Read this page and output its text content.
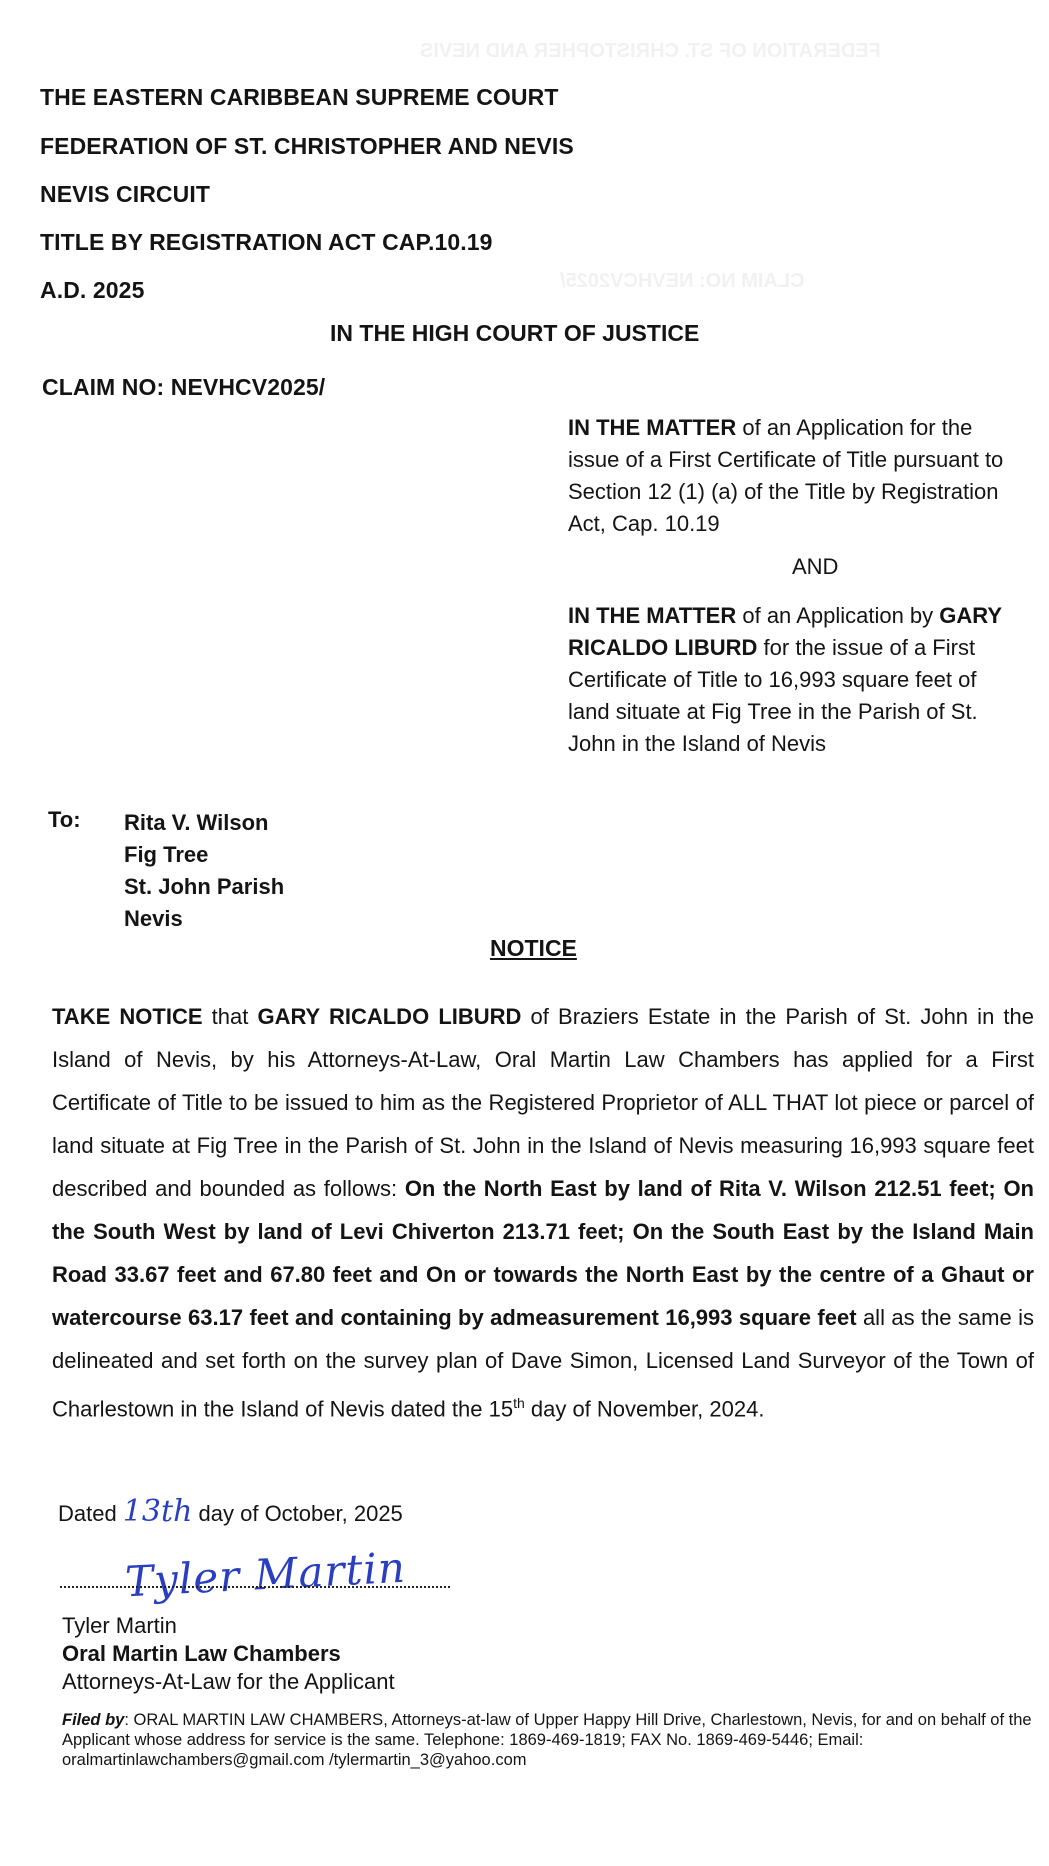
FEDERATION OF ST. CHRISTOPHER AND NEVIS
CLAIM NO: NEVHCV2025/
THE EASTERN CARIBBEAN SUPREME COURT
FEDERATION OF ST. CHRISTOPHER AND NEVIS
NEVIS CIRCUIT
TITLE BY REGISTRATION ACT CAP.10.19
A.D. 2025
IN THE HIGH COURT OF JUSTICE
CLAIM NO: NEVHCV2025/
IN THE MATTER of an Application for the issue of a First Certificate of Title pursuant to Section 12 (1) (a) of the Title by Registration Act, Cap. 10.19
AND
IN THE MATTER of an Application by GARY RICALDO LIBURD for the issue of a First Certificate of Title to 16,993 square feet of land situate at Fig Tree in the Parish of St. John in the Island of Nevis
To: Rita V. Wilson
Fig Tree
St. John Parish
Nevis
NOTICE
TAKE NOTICE that GARY RICALDO LIBURD of Braziers Estate in the Parish of St. John in the Island of Nevis, by his Attorneys-At-Law, Oral Martin Law Chambers has applied for a First Certificate of Title to be issued to him as the Registered Proprietor of ALL THAT lot piece or parcel of land situate at Fig Tree in the Parish of St. John in the Island of Nevis measuring 16,993 square feet described and bounded as follows: On the North East by land of Rita V. Wilson 212.51 feet; On the South West by land of Levi Chiverton 213.71 feet; On the South East by the Island Main Road 33.67 feet and 67.80 feet and On or towards the North East by the centre of a Ghaut or watercourse 63.17 feet and containing by admeasurement 16,993 square feet all as the same is delineated and set forth on the survey plan of Dave Simon, Licensed Land Surveyor of the Town of Charlestown in the Island of Nevis dated the 15th day of November, 2024.
Dated 13th day of October, 2025
Tyler Martin
Tyler Martin
Oral Martin Law Chambers
Attorneys-At-Law for the Applicant
Filed by: ORAL MARTIN LAW CHAMBERS, Attorneys-at-law of Upper Happy Hill Drive, Charlestown, Nevis, for and on behalf of the Applicant whose address for service is the same. Telephone: 1869-469-1819; FAX No. 1869-469-5446; Email: oralmartinlawchambers@gmail.com /tylermartin_3@yahoo.com
